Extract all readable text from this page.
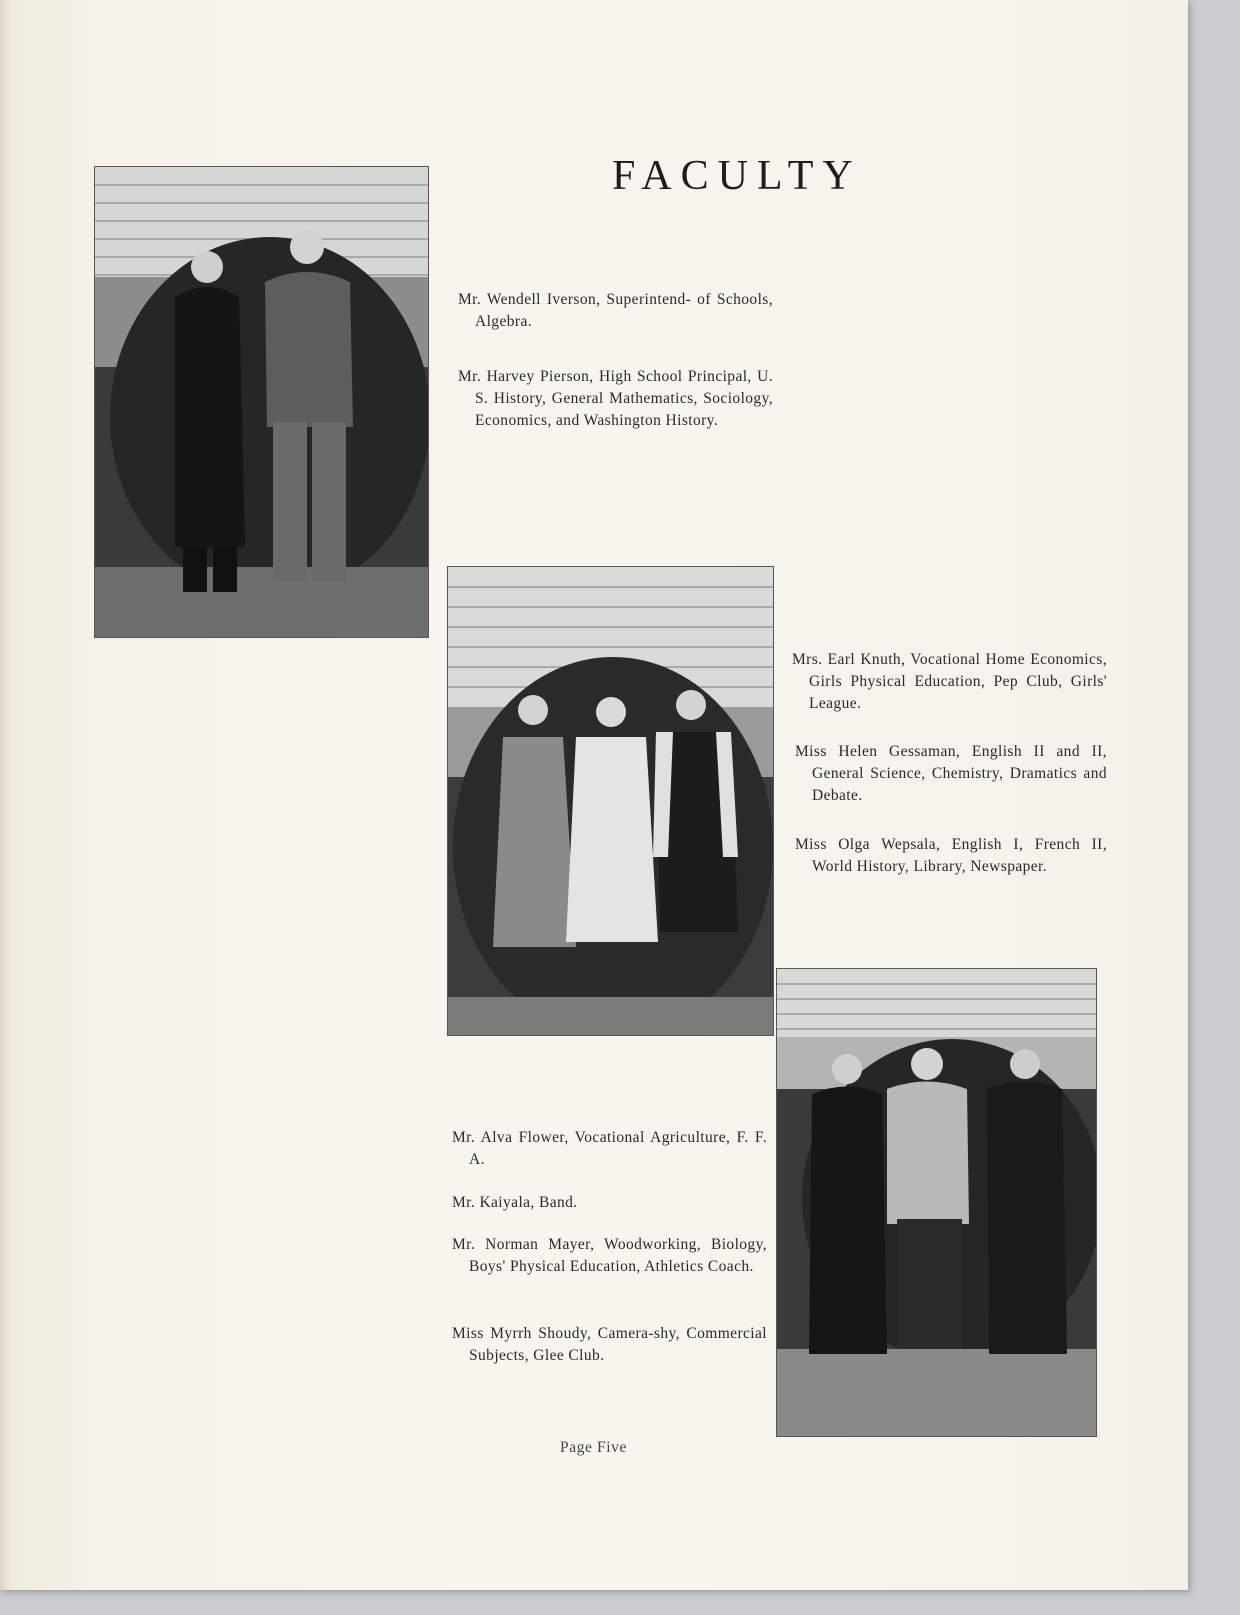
FACULTY

Mr. Wendell Iverson, Superintend- of Schools, Algebra.

Mr. Harvey Pierson, High School Principal, U. S. History, General Mathematics, Sociology, Economics, and Washington History.

Mrs. Earl Knuth, Vocational Home Economics, Girls Physical Education, Pep Club, Girls' League.

Miss Helen Gessaman, English II and II, General Science, Chemistry, Dramatics and Debate.

Miss Olga Wepsala, English I, French II, World History, Library, Newspaper.

Mr. Alva Flower, Vocational Agriculture, F. F. A.

Mr. Kaiyala, Band.

Mr. Norman Mayer, Woodworking, Biology, Boys' Physical Education, Athletics Coach.

Miss Myrrh Shoudy, Camera-shy, Commercial Subjects, Glee Club.

Page Five
